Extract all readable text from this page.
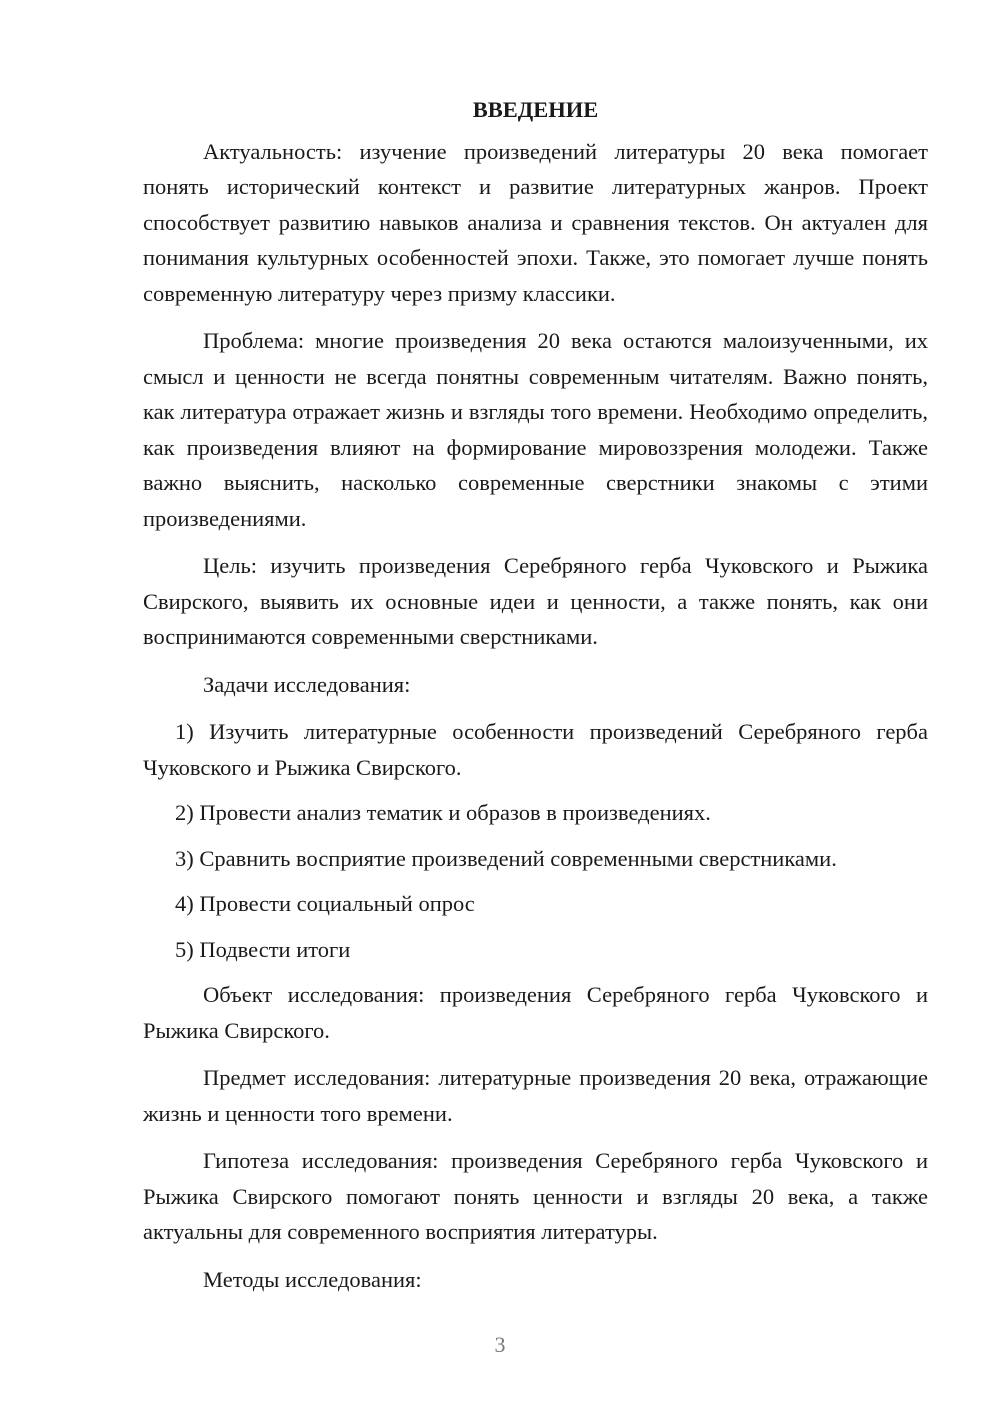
ВВЕДЕНИЕ

Актуальность: изучение произведений литературы 20 века помогает понять исторический контекст и развитие литературных жанров. Проект способствует развитию навыков анализа и сравнения текстов. Он актуален для понимания культурных особенностей эпохи. Также, это помогает лучше понять современную литературу через призму классики.

Проблема: многие произведения 20 века остаются малоизученными, их смысл и ценности не всегда понятны современным читателям. Важно понять, как литература отражает жизнь и взгляды того времени. Необходимо определить, как произведения влияют на формирование мировоззрения молодежи. Также важно выяснить, насколько современные сверстники знакомы с этими произведениями.

Цель: изучить произведения Серебряного герба Чуковского и Рыжика Свирского, выявить их основные идеи и ценности, а также понять, как они воспринимаются современными сверстниками.

Задачи исследования:

1) Изучить литературные особенности произведений Серебряного герба Чуковского и Рыжика Свирского.

2) Провести анализ тематик и образов в произведениях.

3) Сравнить восприятие произведений современными сверстниками.

4) Провести социальный опрос

5) Подвести итоги

Объект исследования: произведения Серебряного герба Чуковского и Рыжика Свирского.

Предмет исследования: литературные произведения 20 века, отражающие жизнь и ценности того времени.

Гипотеза исследования: произведения Серебряного герба Чуковского и Рыжика Свирского помогают понять ценности и взгляды 20 века, а также актуальны для современного восприятия литературы.

Методы исследования:

3
